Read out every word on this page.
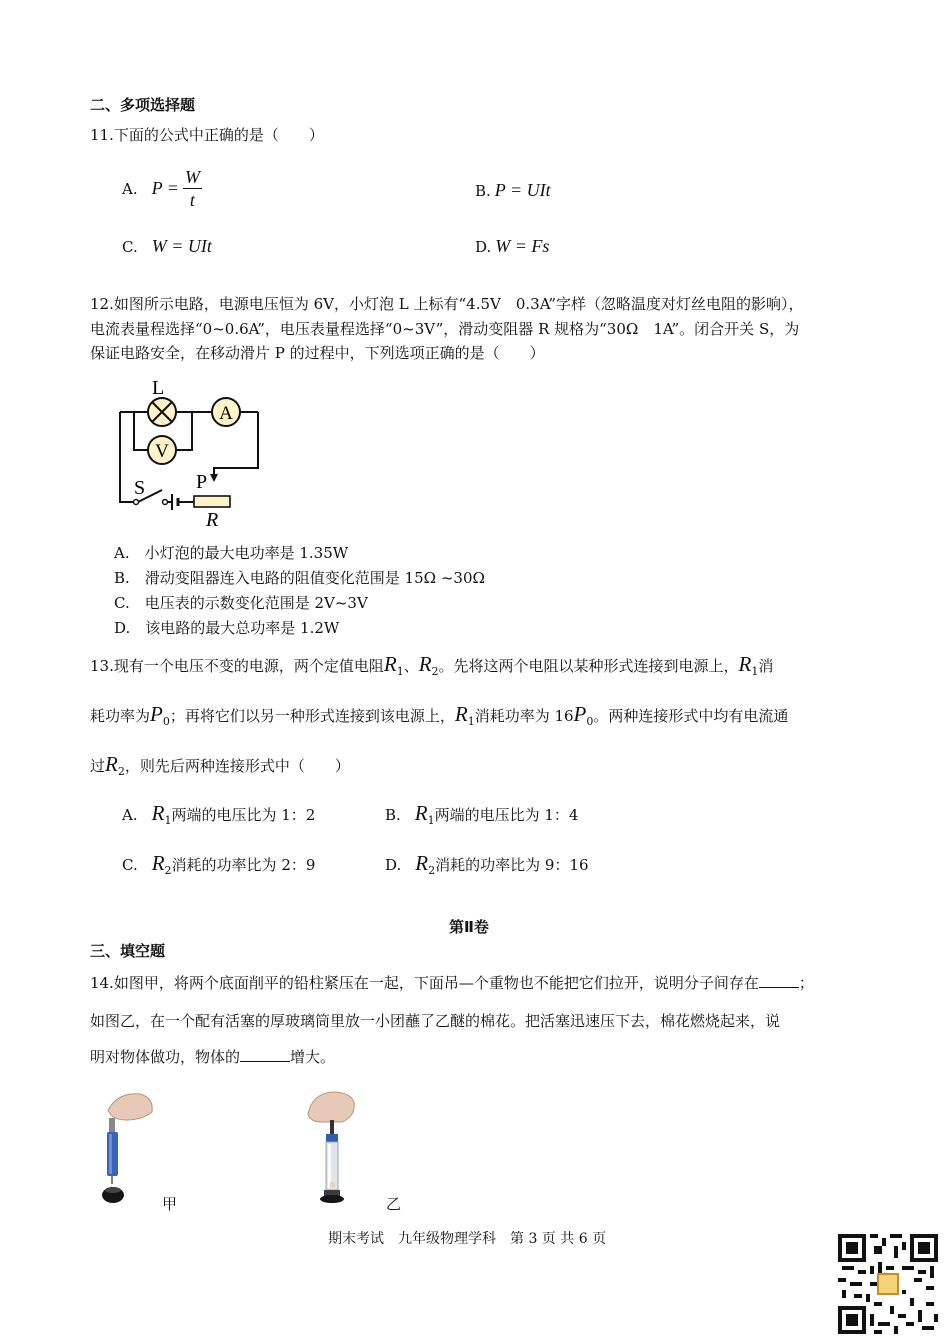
二、多项选择题
11.下面的公式中正确的是（　　）
A. $P = \frac{W}{t}$	B. P = UIt
C. W = UIt	D. W = Fs
12.如图所示电路，电源电压恒为 6V，小灯泡 L 上标有“4.5V　0.3A”字样（忽略温度对灯丝电阻的影响），
电流表量程选择“0~0.6A”，电压表量程选择“0~3V”，滑动变阻器 R 规格为“30Ω　1A”。闭合开关 S，为
保证电路安全，在移动滑片 P 的过程中，下列选项正确的是（　　）
A
V
L
S	P
R
A.　小灯泡的最大电功率是 1.35W
B.　滑动变阻器连入电路的阻值变化范围是 15Ω ~30Ω
C.　电压表的示数变化范围是 2V~3V
D.　该电路的最大总功率是 1.2W
13.现有一个电压不变的电源，两个定值电阻$R_1$、$R_2$。先将这两个电阻以某种形式连接到电源上，$R_1$消
耗功率为$P_0$；再将它们以另一种形式连接到该电源上，$R_1$消耗功率为 $16P_0$。两种连接形式中均有电流通
过$R_2$，则先后两种连接形式中（　　）
A. $R_1$两端的电压比为 1：2	B. $R_1$两端的电压比为 1：4
C. $R_2$消耗的功率比为 2：9	D. $R_2$消耗的功率比为 9：16
第Ⅱ卷
三、填空题
14.如图甲，将两个底面削平的铅柱紧压在一起，下面吊—个重物也不能把它们拉开，说明分子间存在	；
如图乙，在一个配有活塞的厚玻璃筒里放一小团蘸了乙醚的棉花。把活塞迅速压下去，棉花燃烧起来，说
明对物体做功，物体的	增大。
甲	乙
期末考试　九年级物理学科　第 3 页 共 6 页
